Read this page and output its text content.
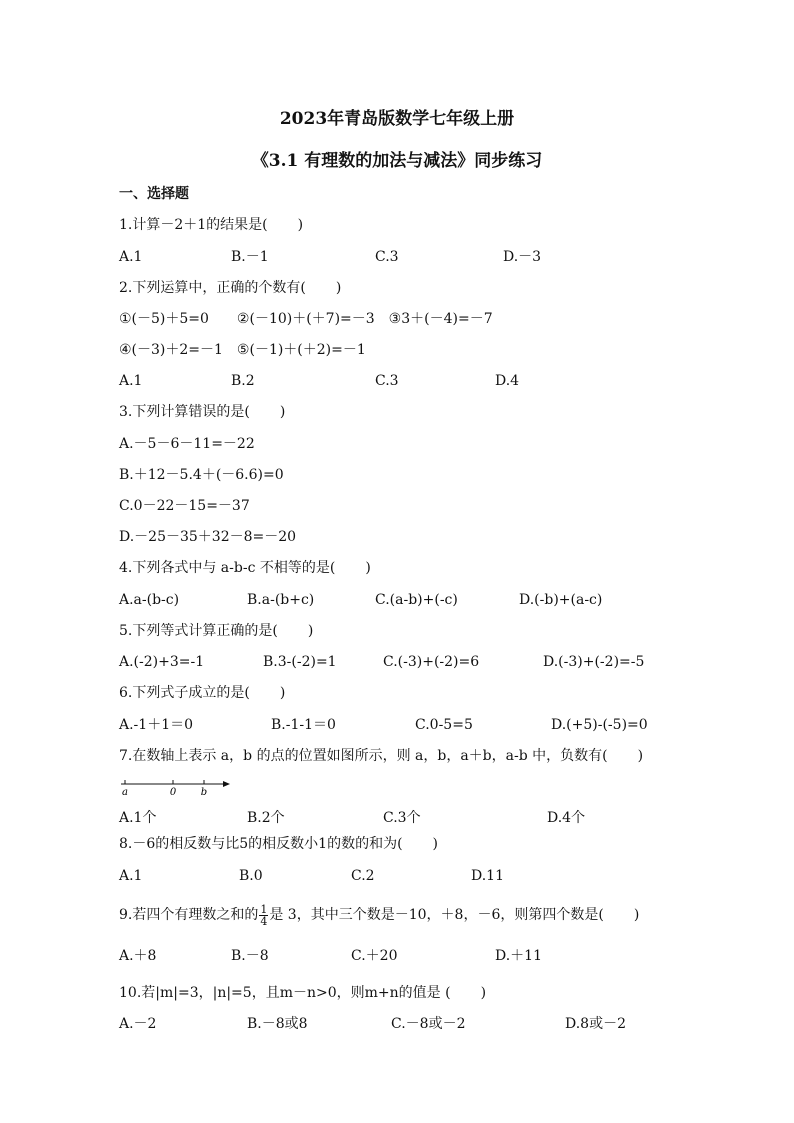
2023年青岛版数学七年级上册
《3.1 有理数的加法与减法》同步练习
一、选择题
1.计算－2＋1的结果是( )
A.1	B.－1	C.3	D.－3
2.下列运算中，正确的个数有( )
①(－5)＋5=0　　②(－10)＋(＋7)=－3　③3＋(－4)=－7
④(－3)＋2=－1　⑤(－1)＋(＋2)=－1
A.1	B.2	C.3	D.4
3.下列计算错误的是( )
A.－5－6－11=－22
B.＋12－5.4＋(－6.6)=0
C.0－22－15=－37
D.－25－35＋32－8=－20
4.下列各式中与 a-b-c 不相等的是( )
A.a-(b-c)	B.a-(b+c)	C.(a-b)+(-c)	D.(-b)+(a-c)
5.下列等式计算正确的是( )
A.(-2)+3=-1	B.3-(-2)=1	C.(-3)+(-2)=6	D.(-3)+(-2)=-5
6.下列式子成立的是( )
A.-1＋1＝0	B.-1-1＝0	C.0-5=5	D.(+5)-(-5)=0
7.在数轴上表示 a，b 的点的位置如图所示，则 a，b，a＋b，a-b 中，负数有( )
a	0 b
A.1个	B.2个	C.3个	D.4个
8.－6的相反数与比5的相反数小1的数的和为( )
A.1	B.0	C.2	D.11
9.若四个有理数之和的 $\frac{1}{4}$ 是 3，其中三个数是－10，＋8，－6，则第四个数是( )
A.＋8	B.－8	C.＋20	D.＋11
10.若|m|=3，|n|=5，且m－n>0，则m+n的值是 ( )
A.－2	B.－8或8	C.－8或－2	D.8或－2
